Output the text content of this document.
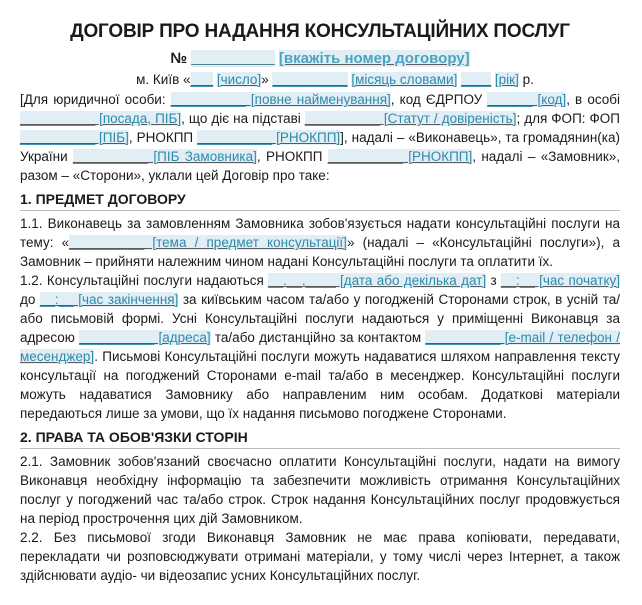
ДОГОВІР ПРО НАДАННЯ КОНСУЛЬТАЦІЙНИХ ПОСЛУГ
№ __________ [вкажіть номер договору]
м. Київ «___ [число]» __________ [місяць словами] ____ [рік] р.

[Для юридичної особи: __________ [повне найменування], код ЄДРПОУ ______ [код], в особі __________ [посада, ПІБ], що діє на підставі __________ [Статут / довіреність]; для ФОП: ФОП __________ [ПІБ], РНОКПП __________ [РНОКПП]], надалі – «Виконавець», та громадянин(ка) України __________ [ПІБ Замовника], РНОКПП __________ [РНОКПП], надалі – «Замовник», разом – «Сторони», уклали цей Договір про таке:

1. ПРЕДМЕТ ДОГОВОРУ

1.1. Виконавець за замовленням Замовника зобов'язується надати консультаційні послуги на тему: «__________ [тема / предмет консультації]» (надалі – «Консультаційні послуги»), а Замовник – прийняти належним чином надані Консультаційні послуги та оплатити їх.

1.2. Консультаційні послуги надаються __.__.____ [дата або декілька дат] з __:__ [час початку] до __:__ [час закінчення] за київським часом та/або у погодженій Сторонами строк, в усній та/або письмовій формі. Усні Консультаційні послуги надаються у приміщенні Виконавця за адресою __________ [адреса] та/або дистанційно за контактом __________ [e-mail / телефон / месенджер]. Письмові Консультаційні послуги можуть надаватися шляхом направлення тексту консультації на погоджений Сторонами e-mail та/або в месенджер. Консультаційні послуги можуть надаватися Замовнику або направленим ним особам. Додаткові матеріали передаються лише за умови, що їх надання письмово погоджене Сторонами.

2. ПРАВА ТА ОБОВ'ЯЗКИ СТОРІН

2.1. Замовник зобов'язаний своєчасно оплатити Консультаційні послуги, надати на вимогу Виконавця необхідну інформацію та забезпечити можливість отримання Консультаційних послуг у погоджений час та/або строк. Строк надання Консультаційних послуг продовжується на період прострочення цих дій Замовником.

2.2. Без письмової згоди Виконавця Замовник не має права копіювати, передавати, перекладати чи розповсюджувати отримані матеріали, у тому числі через Інтернет, а також здійснювати аудіо- чи відеозапис усних Консультаційних послуг.
